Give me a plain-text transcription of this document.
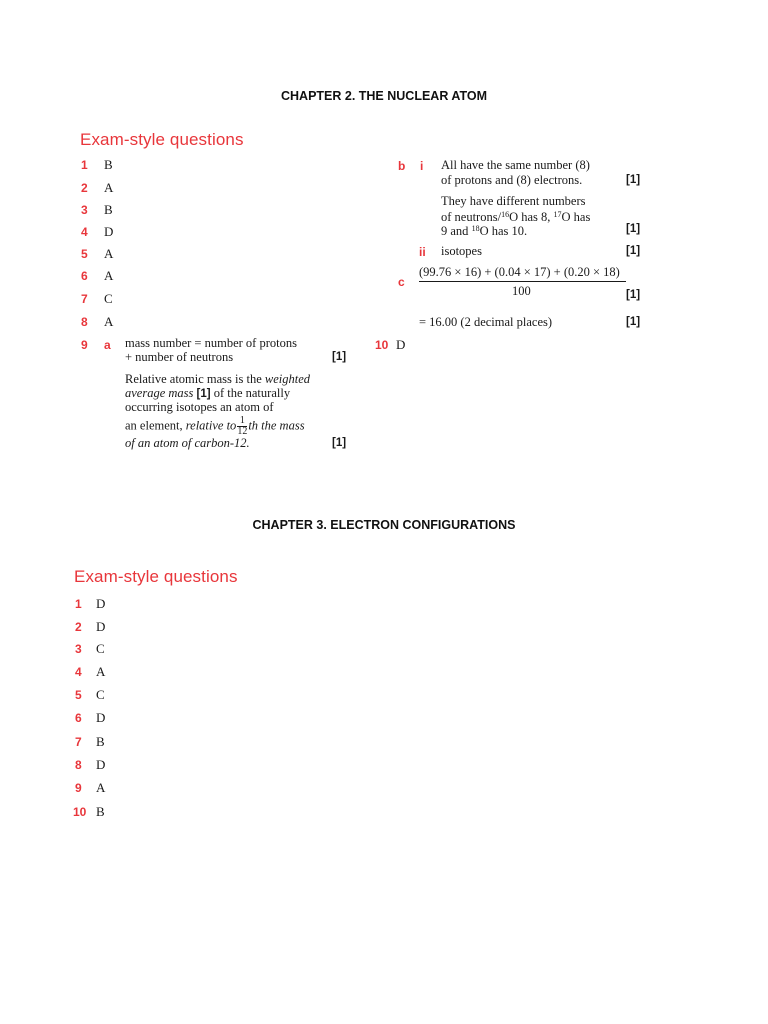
CHAPTER 2. THE NUCLEAR ATOM
Exam-style questions
1 B
2 A
3 B
4 D
5 A
6 A
7 C
8 A
9 a mass number = number of protons
+ number of neutrons	[1]
Relative atomic mass is the weighted
average mass [1] of the naturally
occurring isotopes an atom of
an element, relative to $\frac{1}{12}$ th the mass
of an atom of carbon-12.	[1]
10 D
b i All have the same number (8)
of protons and (8) electrons.	[1]
They have different numbers
of neutrons/$^{16}$O has 8, $^{17}$O has
9 and $^{18}$O has 10.	[1]
ii isotopes	[1]
c
(99.76 × 16) + (0.04 × 17) + (0.20 × 18)
100	[1]
= 16.00 (2 decimal places)	[1]
CHAPTER 3. ELECTRON CONFIGURATIONS
Exam-style questions
1 D
2 D
3 C
4 A
5 C
6 D
7 B
8 D
9 A
10 B
